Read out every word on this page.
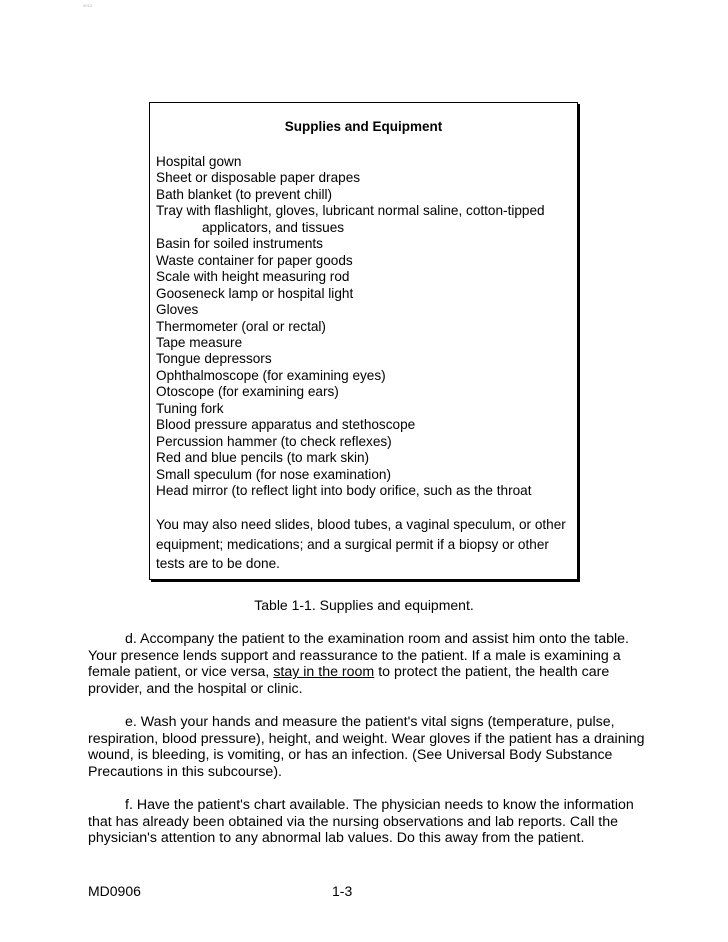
0013
Supplies and Equipment
Hospital gown
Sheet or disposable paper drapes
Bath blanket (to prevent chill)
Tray with flashlight, gloves, lubricant normal saline, cotton-tipped
applicators, and tissues
Basin for soiled instruments
Waste container for paper goods
Scale with height measuring rod
Gooseneck lamp or hospital light
Gloves
Thermometer (oral or rectal)
Tape measure
Tongue depressors
Ophthalmoscope (for examining eyes)
Otoscope (for examining ears)
Tuning fork
Blood pressure apparatus and stethoscope
Percussion hammer (to check reflexes)
Red and blue pencils (to mark skin)
Small speculum (for nose examination)
Head mirror (to reflect light into body orifice, such as the throat

You may also need slides, blood tubes, a vaginal speculum, or other equipment; medications; and a surgical permit if a biopsy or other tests are to be done.

Table 1-1. Supplies and equipment.

d. Accompany the patient to the examination room and assist him onto the table.
Your presence lends support and reassurance to the patient. If a male is examining a
female patient, or vice versa, stay in the room to protect the patient, the health care
provider, and the hospital or clinic.

e. Wash your hands and measure the patient's vital signs (temperature, pulse,
respiration, blood pressure), height, and weight. Wear gloves if the patient has a draining
wound, is bleeding, is vomiting, or has an infection. (See Universal Body Substance
Precautions in this subcourse).

f. Have the patient's chart available. The physician needs to know the information
that has already been obtained via the nursing observations and lab reports. Call the
physician's attention to any abnormal lab values. Do this away from the patient.

MD0906	1-3
